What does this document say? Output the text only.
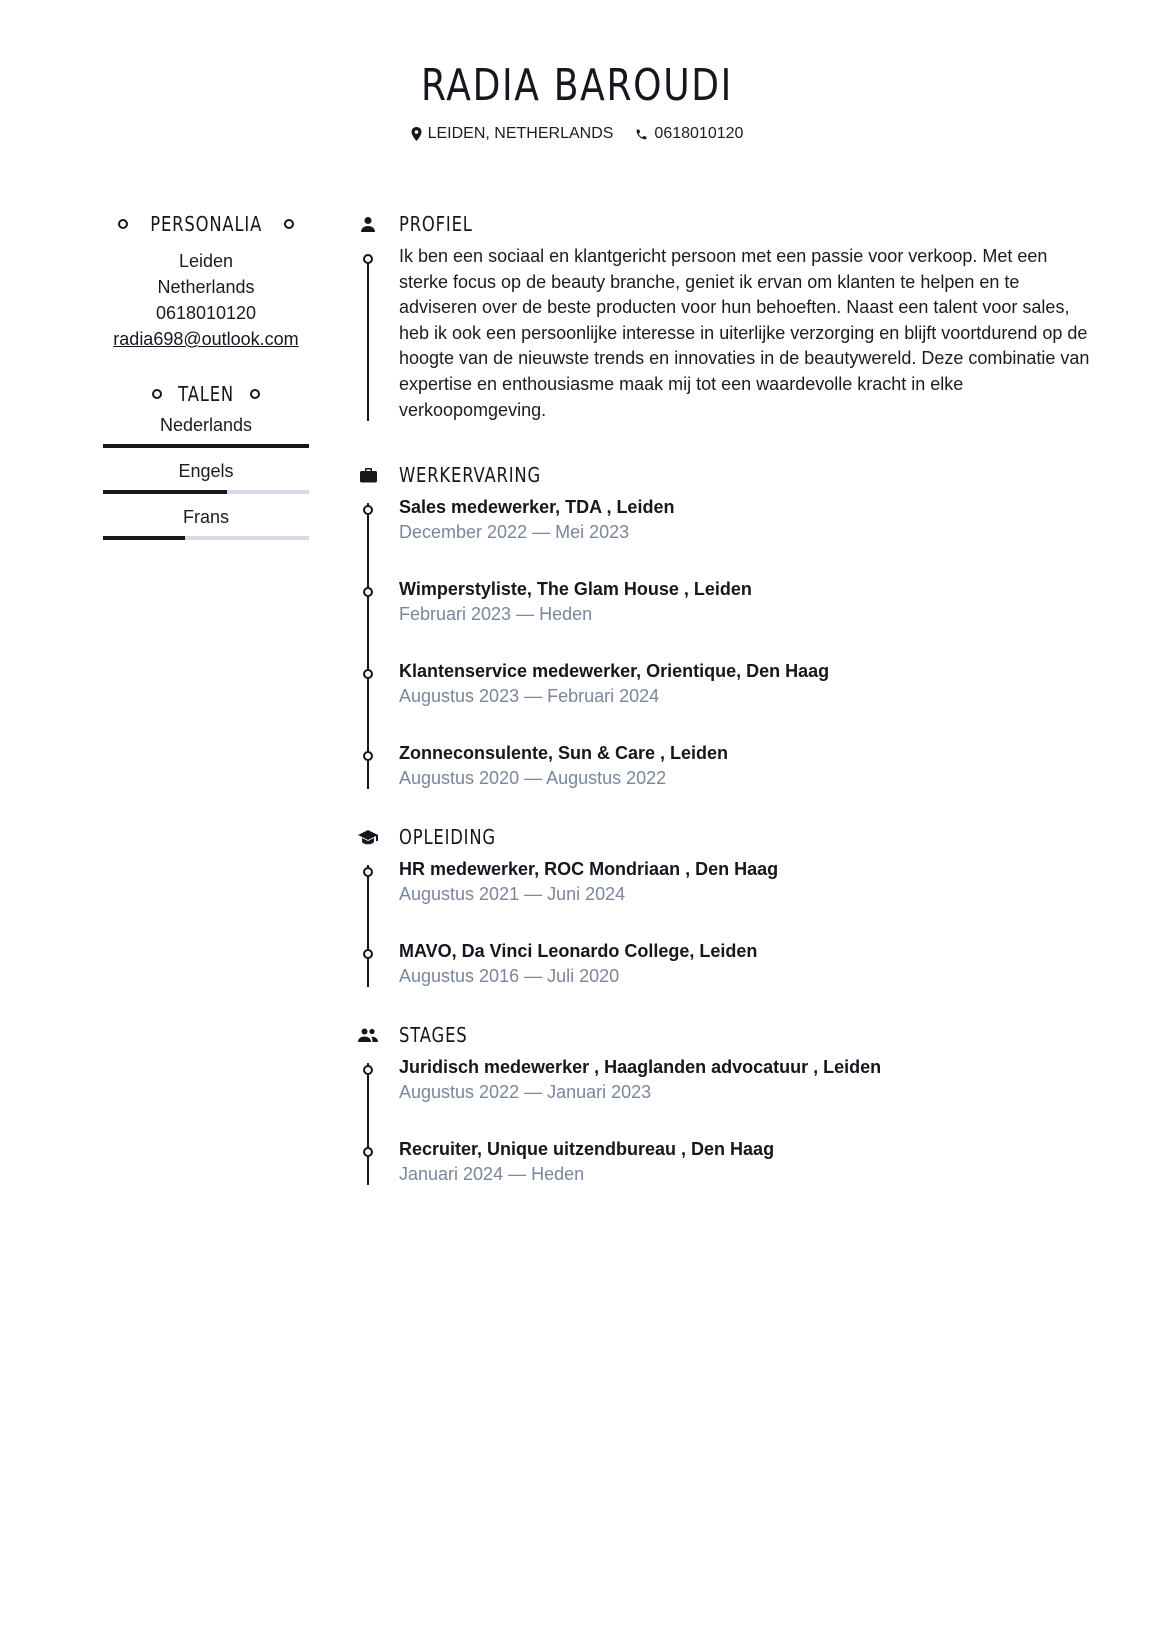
RADIA BAROUDI
LEIDEN, NETHERLANDS	0618010120
PERSONALIA
Leiden
Netherlands
0618010120
radia698@outlook.com
TALEN
Nederlands
Engels
Frans
PROFIEL

Ik ben een sociaal en klantgericht persoon met een passie voor verkoop. Met een sterke focus op de beauty branche, geniet ik ervan om klanten te helpen en te adviseren over de beste producten voor hun behoeften. Naast een talent voor sales, heb ik ook een persoonlijke interesse in uiterlijke verzorging en blijft voortdurend op de hoogte van de nieuwste trends en innovaties in de beautywereld. Deze combinatie van expertise en enthousiasme maak mij tot een waardevolle kracht in elke verkoopomgeving.

WERKERVARING
Sales medewerker, TDA , Leiden
December 2022 — Mei 2023
Wimperstyliste, The Glam House , Leiden
Februari 2023 — Heden
Klantenservice medewerker, Orientique, Den Haag
Augustus 2023 — Februari 2024
Zonneconsulente, Sun & Care , Leiden
Augustus 2020 — Augustus 2022
OPLEIDING
HR medewerker, ROC Mondriaan , Den Haag
Augustus 2021 — Juni 2024
MAVO, Da Vinci Leonardo College, Leiden
Augustus 2016 — Juli 2020
STAGES
Juridisch medewerker , Haaglanden advocatuur , Leiden
Augustus 2022 — Januari 2023
Recruiter, Unique uitzendbureau , Den Haag
Januari 2024 — Heden
